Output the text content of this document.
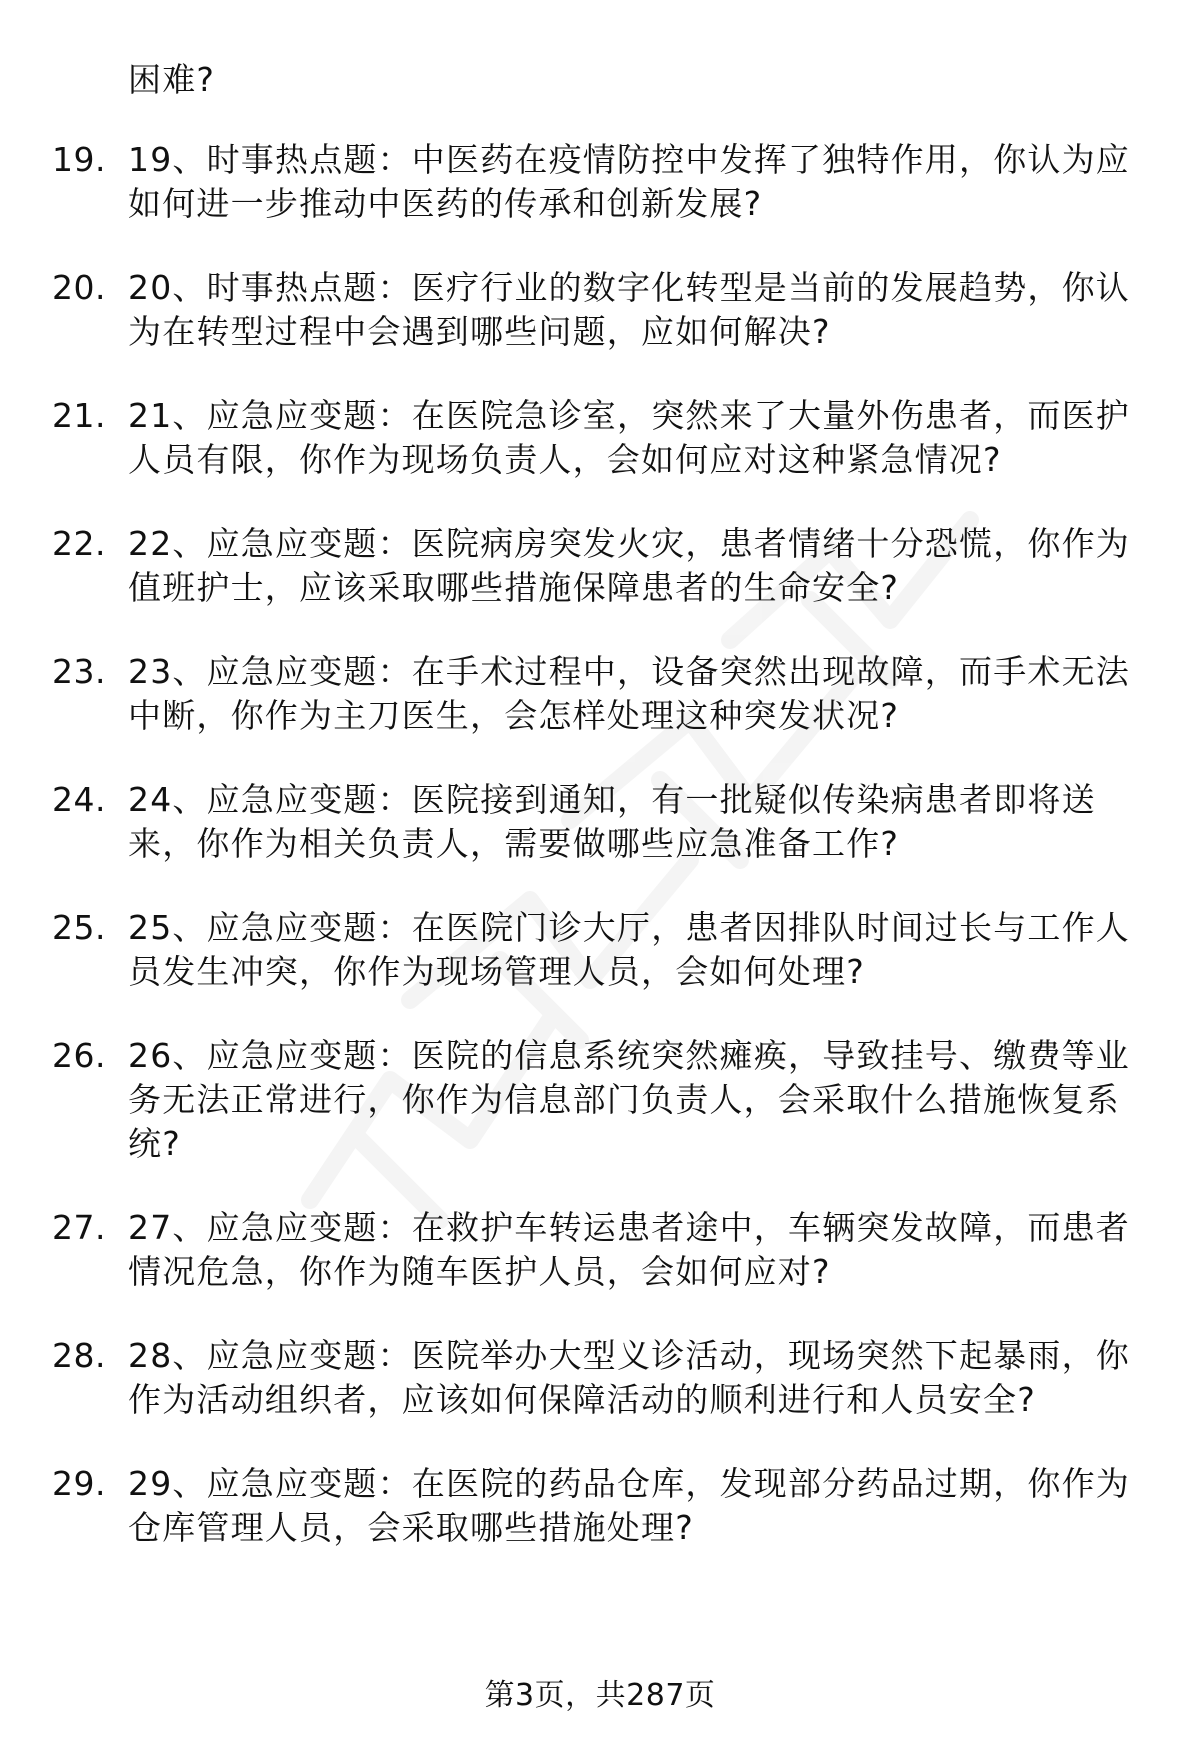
困难?
19. 19、时事热点题：中医药在疫情防控中发挥了独特作用，你认为应如何进一步推动中医药的传承和创新发展?
20. 20、时事热点题：医疗行业的数字化转型是当前的发展趋势，你认为在转型过程中会遇到哪些问题，应如何解决?
21. 21、应急应变题：在医院急诊室，突然来了大量外伤患者，而医护人员有限，你作为现场负责人，会如何应对这种紧急情况?
22. 22、应急应变题：医院病房突发火灾，患者情绪十分恐慌，你作为值班护士，应该采取哪些措施保障患者的生命安全?
23. 23、应急应变题：在手术过程中，设备突然出现故障，而手术无法中断，你作为主刀医生，会怎样处理这种突发状况?
24. 24、应急应变题：医院接到通知，有一批疑似传染病患者即将送来，你作为相关负责人，需要做哪些应急准备工作?
25. 25、应急应变题：在医院门诊大厅，患者因排队时间过长与工作人员发生冲突，你作为现场管理人员，会如何处理?
26. 26、应急应变题：医院的信息系统突然瘫痪，导致挂号、缴费等业务无法正常进行，你作为信息部门负责人，会采取什么措施恢复系统?
27. 27、应急应变题：在救护车转运患者途中，车辆突发故障，而患者情况危急，你作为随车医护人员，会如何应对?
28. 28、应急应变题：医院举办大型义诊活动，现场突然下起暴雨，你作为活动组织者，应该如何保障活动的顺利进行和人员安全?
29. 29、应急应变题：在医院的药品仓库，发现部分药品过期，你作为仓库管理人员，会采取哪些措施处理?
第3页，共287页
